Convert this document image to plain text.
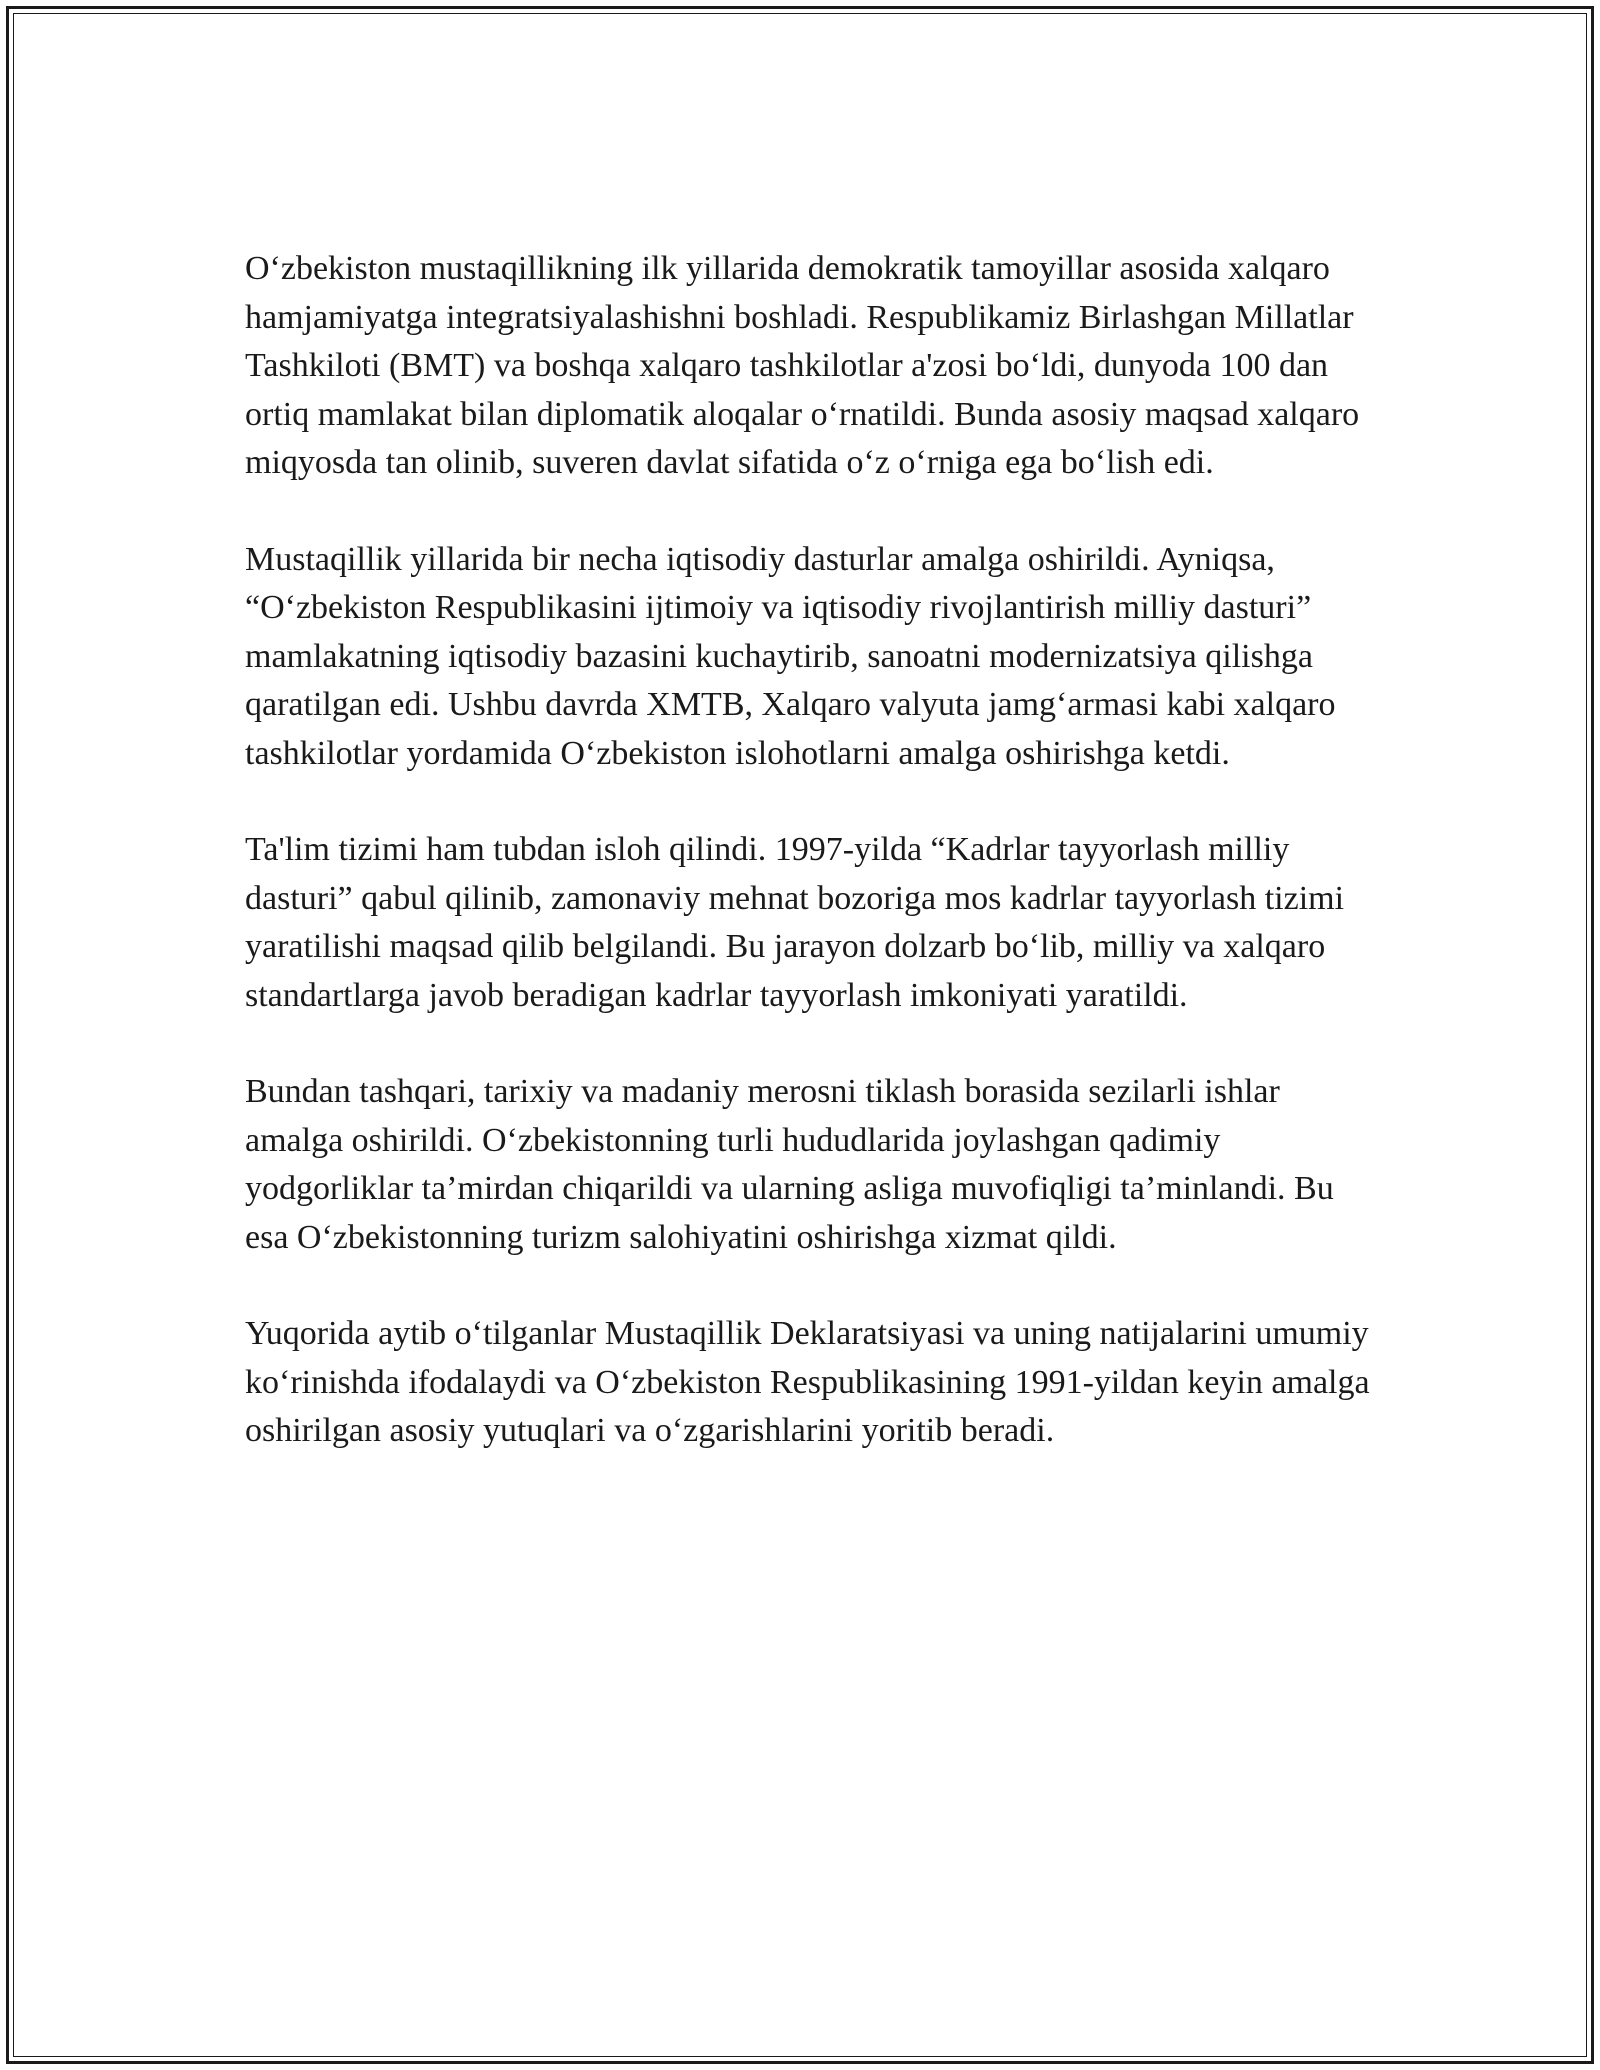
O‘zbekiston mustaqillikning ilk yillarida demokratik tamoyillar asosida xalqaro hamjamiyatga integratsiyalashishni boshladi. Respublikamiz Birlashgan Millatlar Tashkiloti (BMT) va boshqa xalqaro tashkilotlar a'zosi bo‘ldi, dunyoda 100 dan ortiq mamlakat bilan diplomatik aloqalar o‘rnatildi. Bunda asosiy maqsad xalqaro miqyosda tan olinib, suveren davlat sifatida o‘z o‘rniga ega bo‘lish edi.

Mustaqillik yillarida bir necha iqtisodiy dasturlar amalga oshirildi. Ayniqsa, “O‘zbekiston Respublikasini ijtimoiy va iqtisodiy rivojlantirish milliy dasturi” mamlakatning iqtisodiy bazasini kuchaytirib, sanoatni modernizatsiya qilishga qaratilgan edi. Ushbu davrda XMTB, Xalqaro valyuta jamg‘armasi kabi xalqaro tashkilotlar yordamida O‘zbekiston islohotlarni amalga oshirishga ketdi.

Ta'lim tizimi ham tubdan isloh qilindi. 1997-yilda “Kadrlar tayyorlash milliy dasturi” qabul qilinib, zamonaviy mehnat bozoriga mos kadrlar tayyorlash tizimi yaratilishi maqsad qilib belgilandi. Bu jarayon dolzarb bo‘lib, milliy va xalqaro standartlarga javob beradigan kadrlar tayyorlash imkoniyati yaratildi.

Bundan tashqari, tarixiy va madaniy merosni tiklash borasida sezilarli ishlar amalga oshirildi. O‘zbekistonning turli hududlarida joylashgan qadimiy yodgorliklar ta’mirdan chiqarildi va ularning asliga muvofiqligi ta’minlandi. Bu esa O‘zbekistonning turizm salohiyatini oshirishga xizmat qildi.

Yuqorida aytib o‘tilganlar Mustaqillik Deklaratsiyasi va uning natijalarini umumiy ko‘rinishda ifodalaydi va O‘zbekiston Respublikasining 1991-yildan keyin amalga oshirilgan asosiy yutuqlari va o‘zgarishlarini yoritib beradi.
